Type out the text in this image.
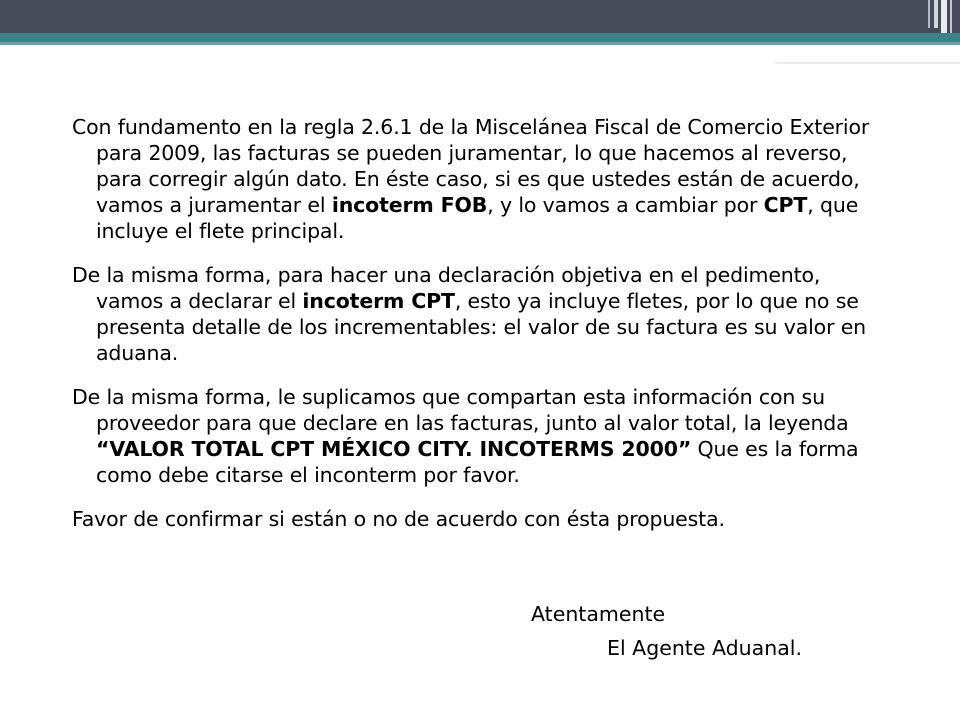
Con fundamento en la regla 2.6.1 de la Miscelánea Fiscal de Comercio Exterior para 2009, las facturas se pueden juramentar, lo que hacemos al reverso, para corregir algún dato. En éste caso, si es que ustedes están de acuerdo, vamos a juramentar el incoterm FOB, y lo vamos a cambiar por CPT, que incluye el flete principal.

De la misma forma, para hacer una declaración objetiva en el pedimento, vamos a declarar el incoterm CPT, esto ya incluye fletes, por lo que no se presenta detalle de los incrementables: el valor de su factura es su valor en aduana.

De la misma forma, le suplicamos que compartan esta información con su proveedor para que declare en las facturas, junto al valor total, la leyenda “VALOR TOTAL CPT MÉXICO CITY. INCOTERMS 2000” Que es la forma como debe citarse el inconterm por favor.

Favor de confirmar si están o no de acuerdo con ésta propuesta.

Atentamente
El Agente Aduanal.
